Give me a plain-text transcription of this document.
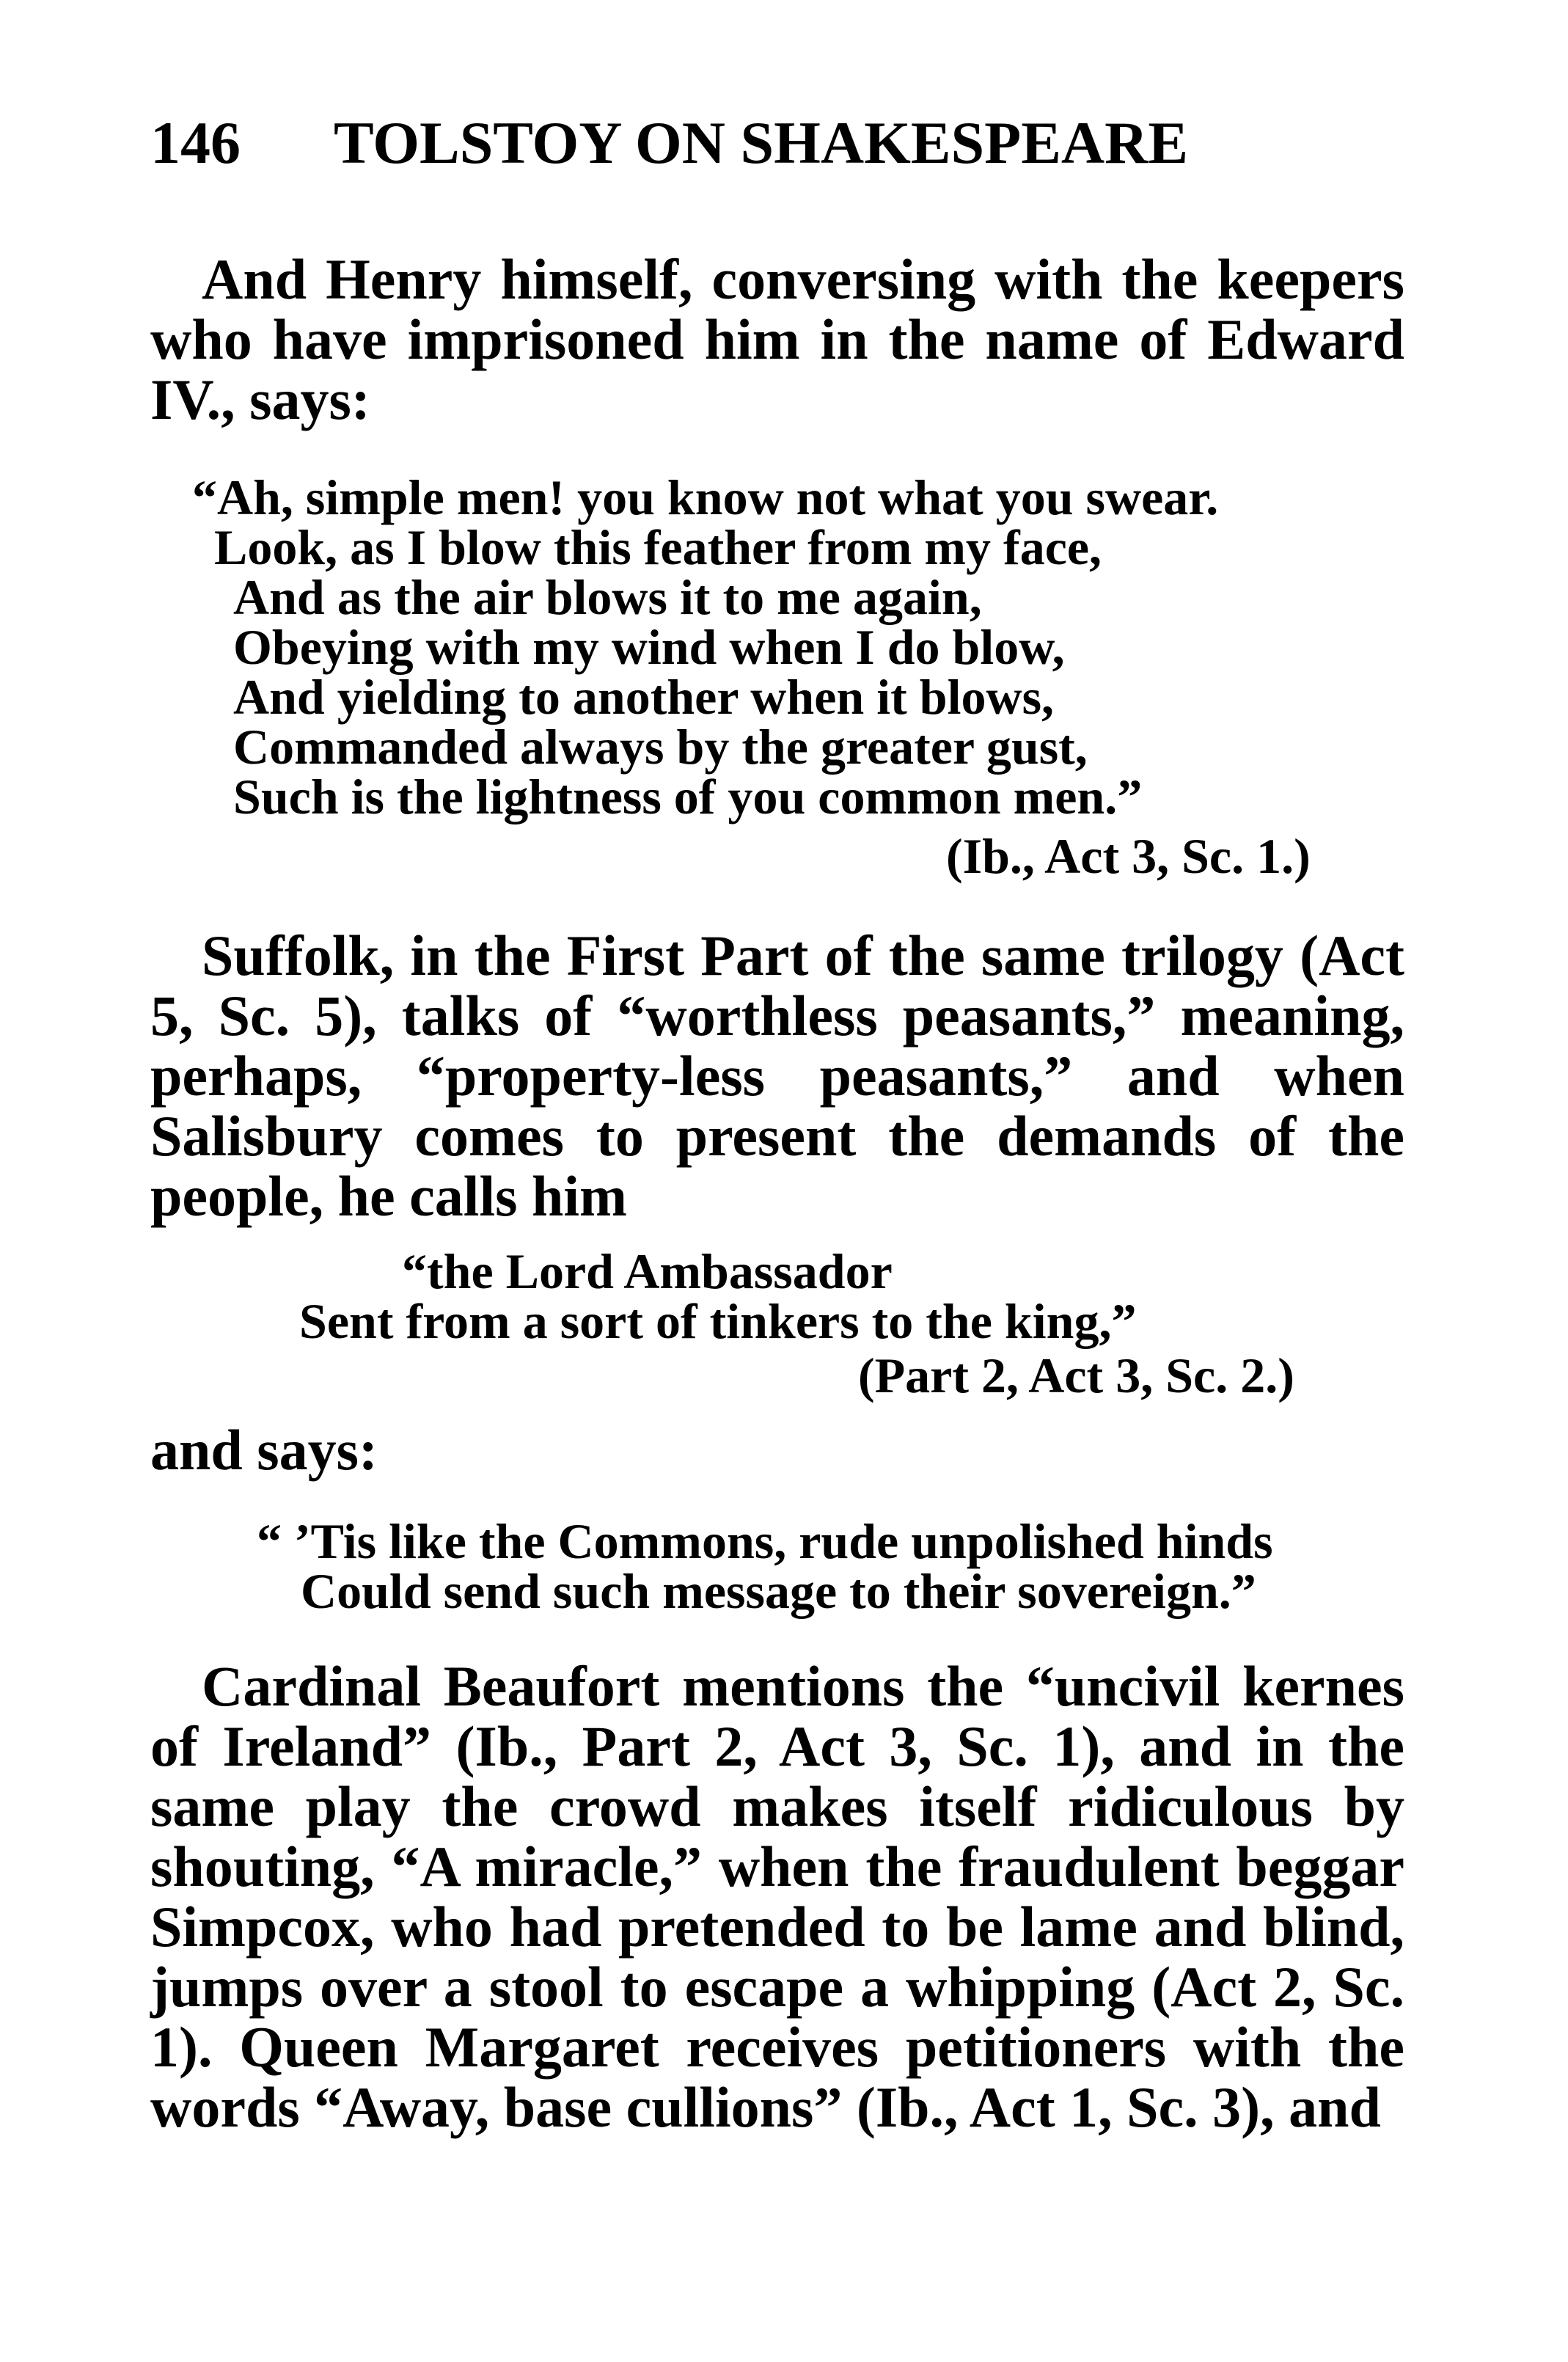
146 TOLSTOY ON SHAKESPEARE

And Henry himself, conversing with the keepers who have imprisoned him in the name of Edward IV., says:

“Ah, simple men! you know not what you swear.
Look, as I blow this feather from my face,
And as the air blows it to me again,
Obeying with my wind when I do blow,
And yielding to another when it blows,
Commanded always by the greater gust,
Such is the lightness of you common men.”
(Ib., Act 3, Sc. 1.)

Suffolk, in the First Part of the same trilogy (Act 5, Sc. 5), talks of “worthless peasants,” meaning, perhaps, “property-less peasants,” and when Salisbury comes to present the demands of the people, he calls him

“the Lord Ambassador
Sent from a sort of tinkers to the king,”
(Part 2, Act 3, Sc. 2.)
and says:
“ ’Tis like the Commons, rude unpolished hinds
Could send such message to their sovereign.”

Cardinal Beaufort mentions the “uncivil kernes of Ireland” (Ib., Part 2, Act 3, Sc. 1), and in the same play the crowd makes itself ridiculous by shouting, “A miracle,” when the fraudulent beggar Simpcox, who had pretended to be lame and blind, jumps over a stool to escape a whipping (Act 2, Sc. 1). Queen Margaret receives petitioners with the words “Away, base cullions” (Ib., Act 1, Sc. 3), and
